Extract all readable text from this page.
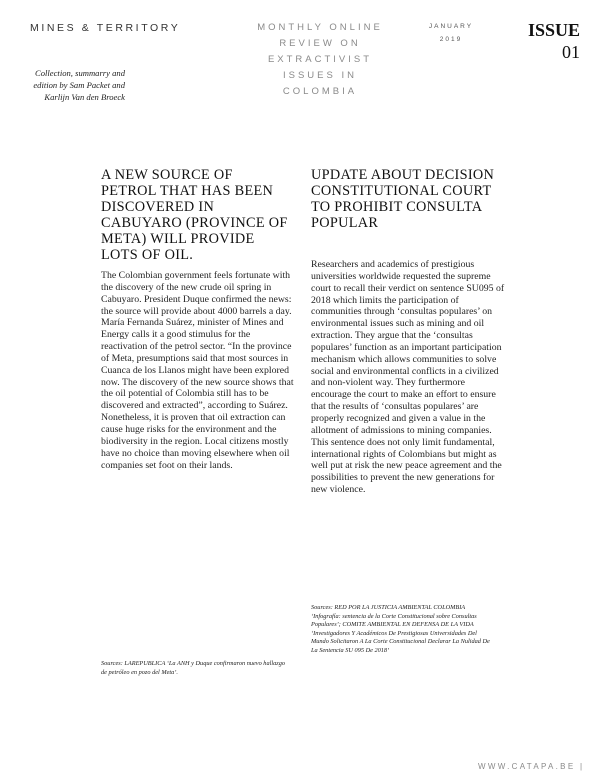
MINES & TERRITORY	MONTHLY ONLINE REVIEW ON EXTRACTIVIST ISSUES IN COLOMBIA
JANUARY
2019	ISSUE
01
Collection, summarry and edition by Sam Packet and Karlijn Van den Broeck
A NEW SOURCE OF PETROL THAT HAS BEEN DISCOVERED IN CABUYARO (PROVINCE OF META) WILL PROVIDE LOTS OF OIL.
The Colombian government feels fortunate with the discovery of the new crude oil spring in Cabuyaro. President Duque confirmed the news: the source will provide about 4000 barrels a day. María Fernanda Suárez, minister of Mines and Energy calls it a good stimulus for the reactivation of the petrol sector. “In the province of Meta, presumptions said that most sources in Cuanca de los Llanos might have been explored now. The discovery of the new source shows that the oil potential of Colombia still has to be discovered and extracted”, according to Suárez.
Nonetheless, it is proven that oil extraction can cause huge risks for the environment and the biodiversity in the region. Local citizens mostly have no choice than moving elsewhere when oil companies set foot on their lands.
Sources: LAREPUBLICA ‘La ANH y Duque confirmaron nuevo hallazgo de petróleo en pozo del Meta’.
UPDATE ABOUT DECISION CONSTITUTIONAL COURT TO PROHIBIT CONSULTA POPULAR
Researchers and academics of prestigious universities worldwide requested the supreme court to recall their verdict on sentence SU095 of 2018 which limits the participation of communities through ‘consultas populares’ on environmental issues such as mining and oil extraction. They argue that the ‘consultas populares’ function as an important participation mechanism which allows communities to solve social and environmental conflicts in a civilized and non-violent way. They furthermore encourage the court to make an effort to ensure that the results of ‘consultas populares’ are properly recognized and given a value in the allotment of admissions to mining companies. This sentence does not only limit fundamental, international rights of Colombians but might as well put at risk the new peace agreement and the possibilities to prevent the new generations for new violence.
Sources: RED POR LA JUSTICIA AMBIENTAL COLOMBIA ‘Infografía: sentencia de la Corte Constitucional sobre Consultas Populares’; COMITE AMBIENTAL EN DEFENSA DE LA VIDA ‘Investigadores Y Académicos De Prestigiosas Universidades Del Mundo Solicitaron A La Corte Constitucional Declarar La Nulidad De La Sentencia SU 095 De 2018’
WWW.CATAPA.BE |
